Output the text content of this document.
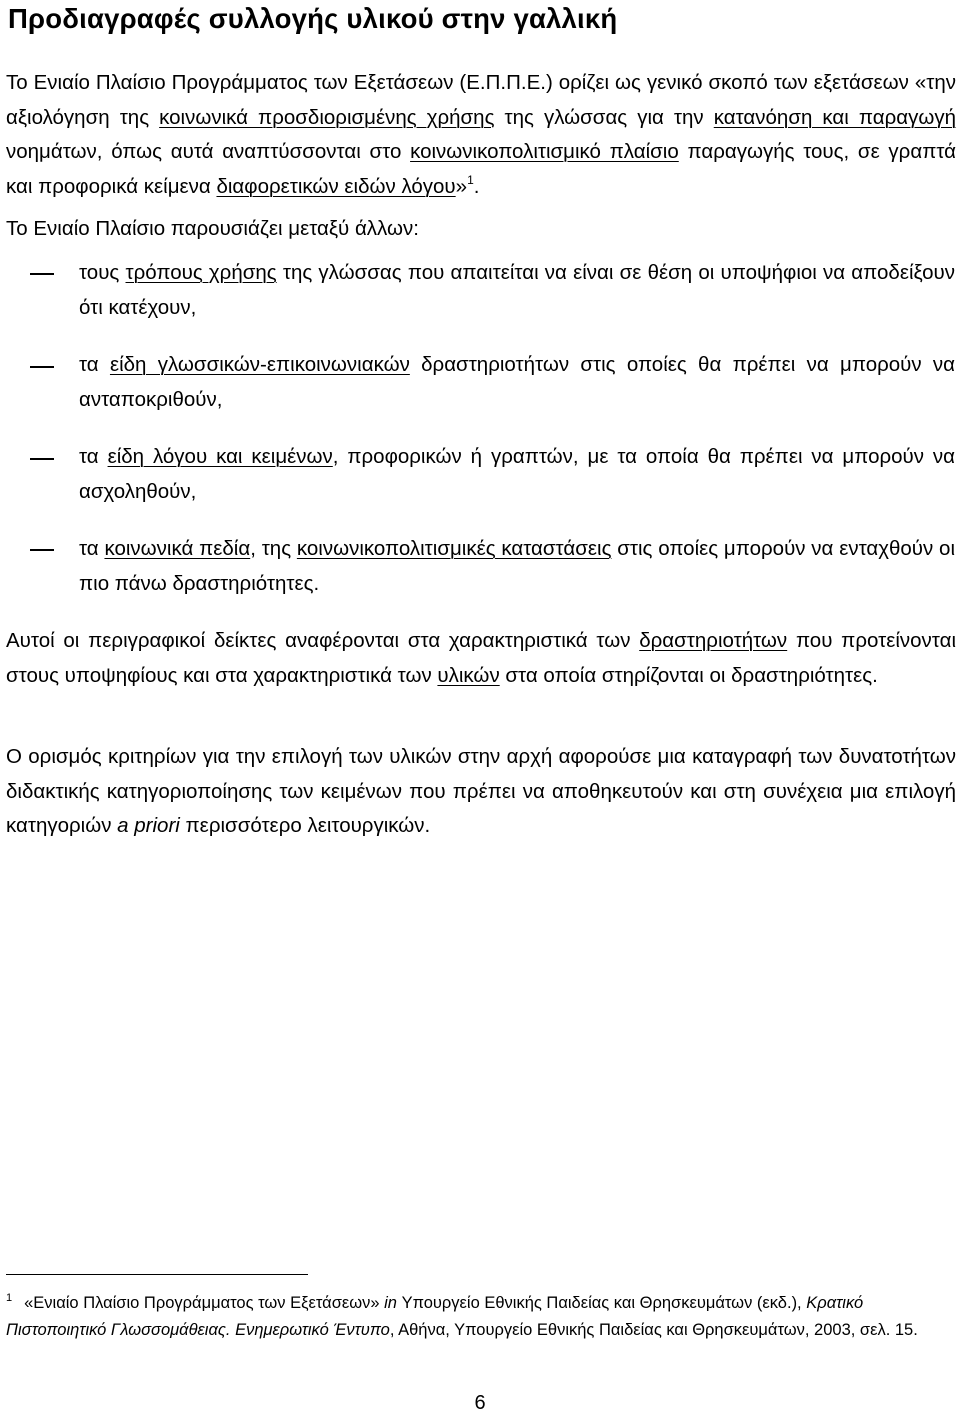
Προδιαγραφές συλλογής υλικού στην γαλλική
Το Ενιαίο Πλαίσιο Προγράμματος των Εξετάσεων (Ε.Π.Π.Ε.) ορίζει ως γενικό σκοπό των εξετάσεων «την αξιολόγηση της κοινωνικά προσδιορισμένης χρήσης της γλώσσας για την κατανόηση και παραγωγή νοημάτων, όπως αυτά αναπτύσσονται στο κοινωνικοπολιτισμικό πλαίσιο παραγωγής τους, σε γραπτά και προφορικά κείμενα διαφορετικών ειδών λόγου»$^1$.
Το Ενιαίο Πλαίσιο παρουσιάζει μεταξύ άλλων:
τους τρόπους χρήσης της γλώσσας που απαιτείται να είναι σε θέση οι υποψήφιοι να αποδείξουν ότι κατέχουν,
τα είδη γλωσσικών-επικοινωνιακών δραστηριοτήτων στις οποίες θα πρέπει να μπορούν να ανταποκριθούν,
τα είδη λόγου και κειμένων, προφορικών ή γραπτών, με τα οποία θα πρέπει να μπορούν να ασχοληθούν,
τα κοινωνικά πεδία, της κοινωνικοπολιτισμικές καταστάσεις στις οποίες μπορούν να ενταχθούν οι πιο πάνω δραστηριότητες.
Αυτοί οι περιγραφικοί δείκτες αναφέρονται στα χαρακτηριστικά των δραστηριοτήτων που προτείνονται στους υποψηφίους και στα χαρακτηριστικά των υλικών στα οποία στηρίζονται οι δραστηριότητες.
Ο ορισμός κριτηρίων για την επιλογή των υλικών στην αρχή αφορούσε μια καταγραφή των δυνατοτήτων διδακτικής κατηγοριοποίησης των κειμένων που πρέπει να αποθηκευτούν και στη συνέχεια μια επιλογή κατηγοριών a priori περισσότερο λειτουργικών.
$^1$ «Ενιαίο Πλαίσιο Προγράμματος των Εξετάσεων» in Υπουργείο Εθνικής Παιδείας και Θρησκευμάτων (εκδ.), Κρατικό Πιστοποιητικό Γλωσσομάθειας. Ενημερωτικό Έντυπο, Αθήνα, Υπουργείο Εθνικής Παιδείας και Θρησκευμάτων, 2003, σελ. 15.
6
